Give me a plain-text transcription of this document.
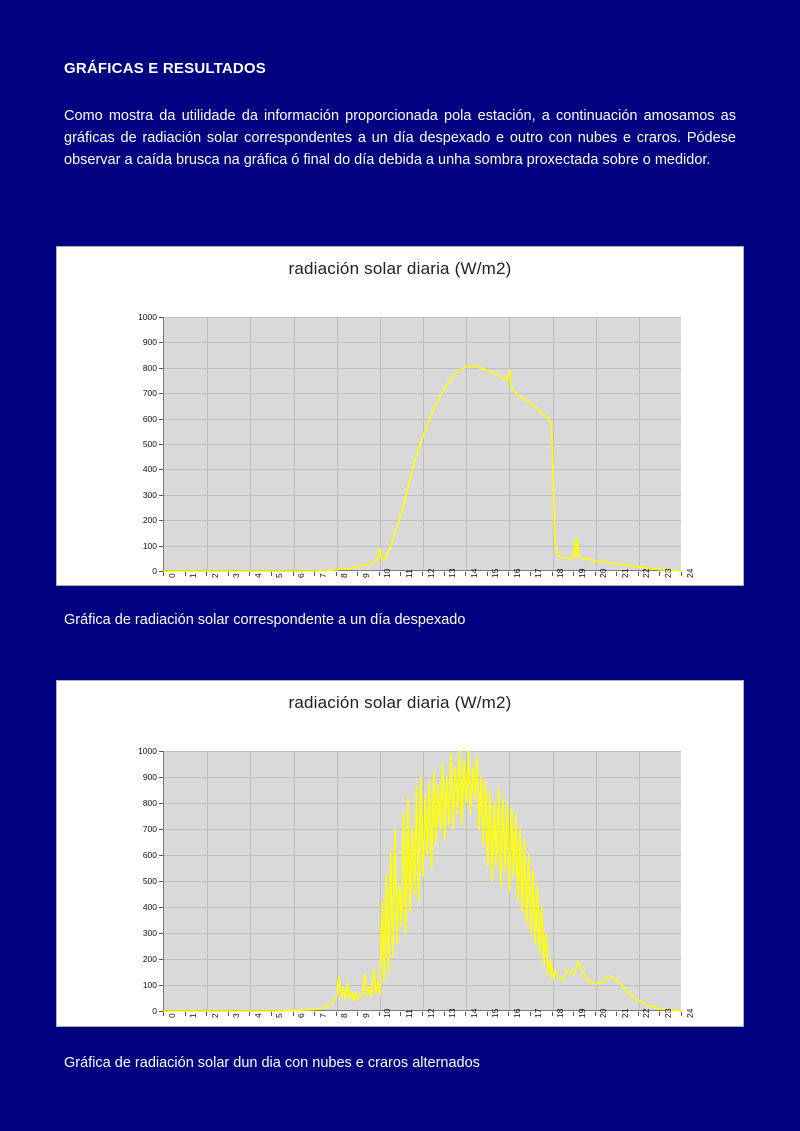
GRÁFICAS E RESULTADOS
Como mostra da utilidade da información proporcionada pola estación, a continuación amosamos as gráficas de radiación solar correspondentes a un día despexado e outro con nubes e craros. Pódese observar a caída brusca na gráfica ó final do día debida a unha sombra proxectada sobre o medidor.
radiación solar diaria (W/m2)
0
100
200
300
400
500
600
700
800
900
1000
0 1 2 3 4 5 6 7 8 9 10 11 12 13 14 15 16 17 18 19 20 21 22 23 24
Gráfica de radiación solar correspondente a un día despexado
radiación solar diaria (W/m2)
0
100
200
300
400
500
600
700
800
900
1000
0 1 2 3 4 5 6 7 8 9 10 11 12 13 14 15 16 17 18 19 20 21 22 23 24
Gráfica de radiación solar dun dia con nubes e craros alternados
